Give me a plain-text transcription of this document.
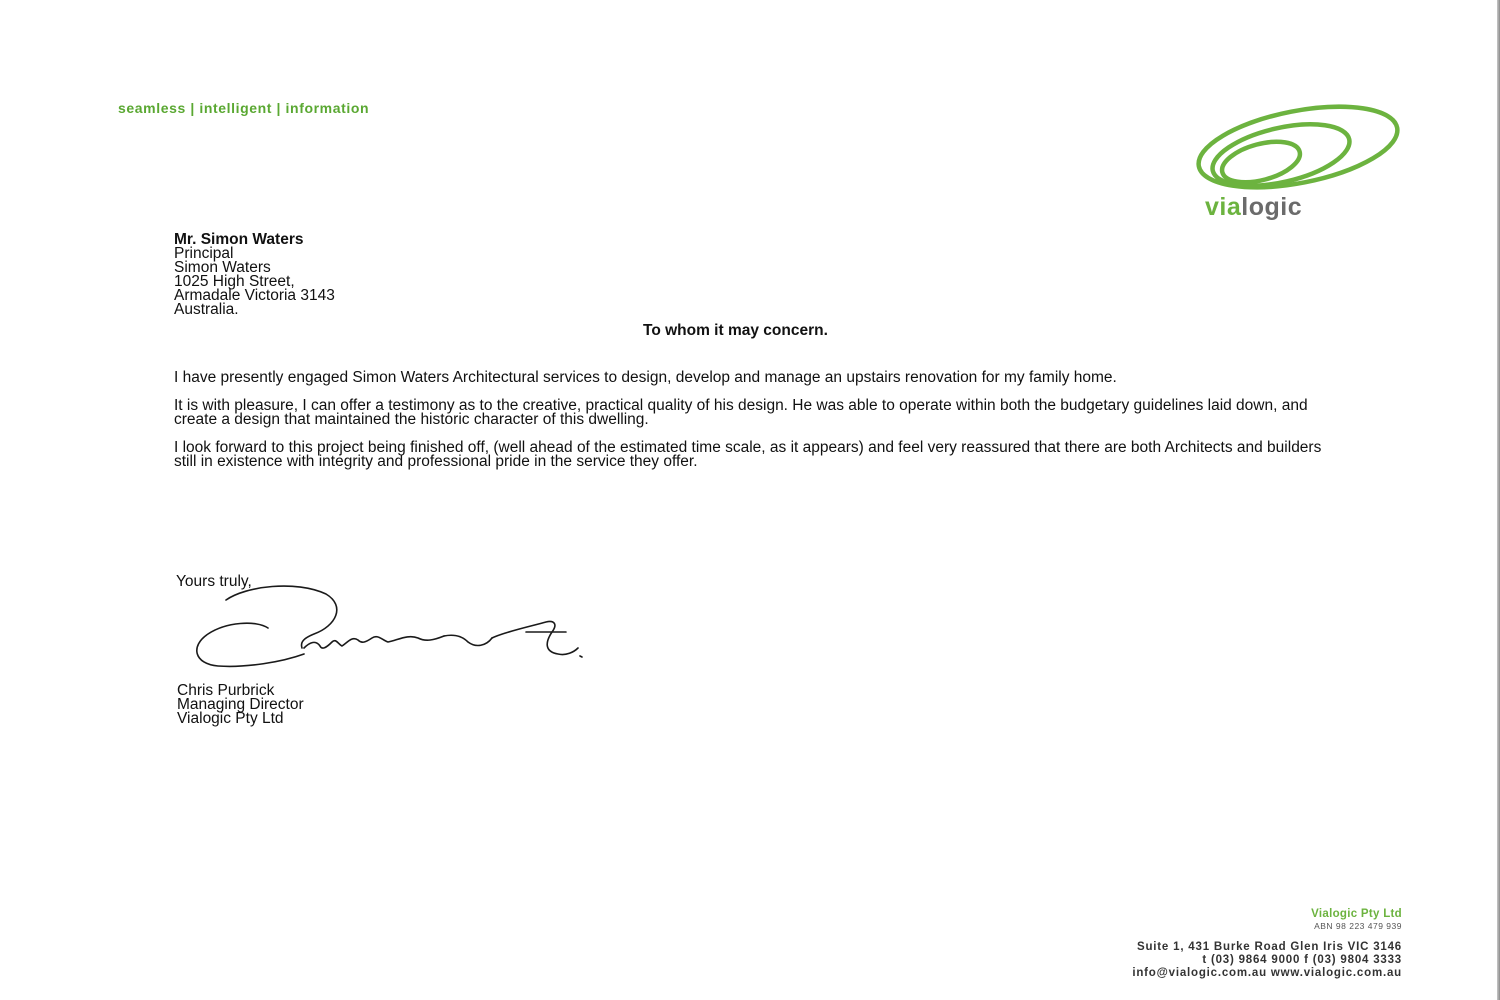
seamless | intelligent | information
vialogic
Mr. Simon Waters
Principal
Simon Waters
1025 High Street,
Armadale Victoria 3143
Australia.
To whom it may concern.

I have presently engaged Simon Waters Architectural services to design, develop and manage an upstairs renovation for my family home.

It is with pleasure, I can offer a testimony as to the creative, practical quality of his design. He was able to operate within both the budgetary guidelines laid down, and create a design that maintained the historic character of this dwelling.

I look forward to this project being finished off, (well ahead of the estimated time scale, as it appears) and feel very reassured that there are both Architects and builders still in existence with integrity and professional pride in the service they offer.

Yours truly,
Chris Purbrick
Managing Director
Vialogic Pty Ltd
Vialogic Pty Ltd
ABN 98 223 479 939
Suite 1, 431 Burke Road Glen Iris VIC 3146
t (03) 9864 9000 f (03) 9804 3333
info@vialogic.com.au www.vialogic.com.au
